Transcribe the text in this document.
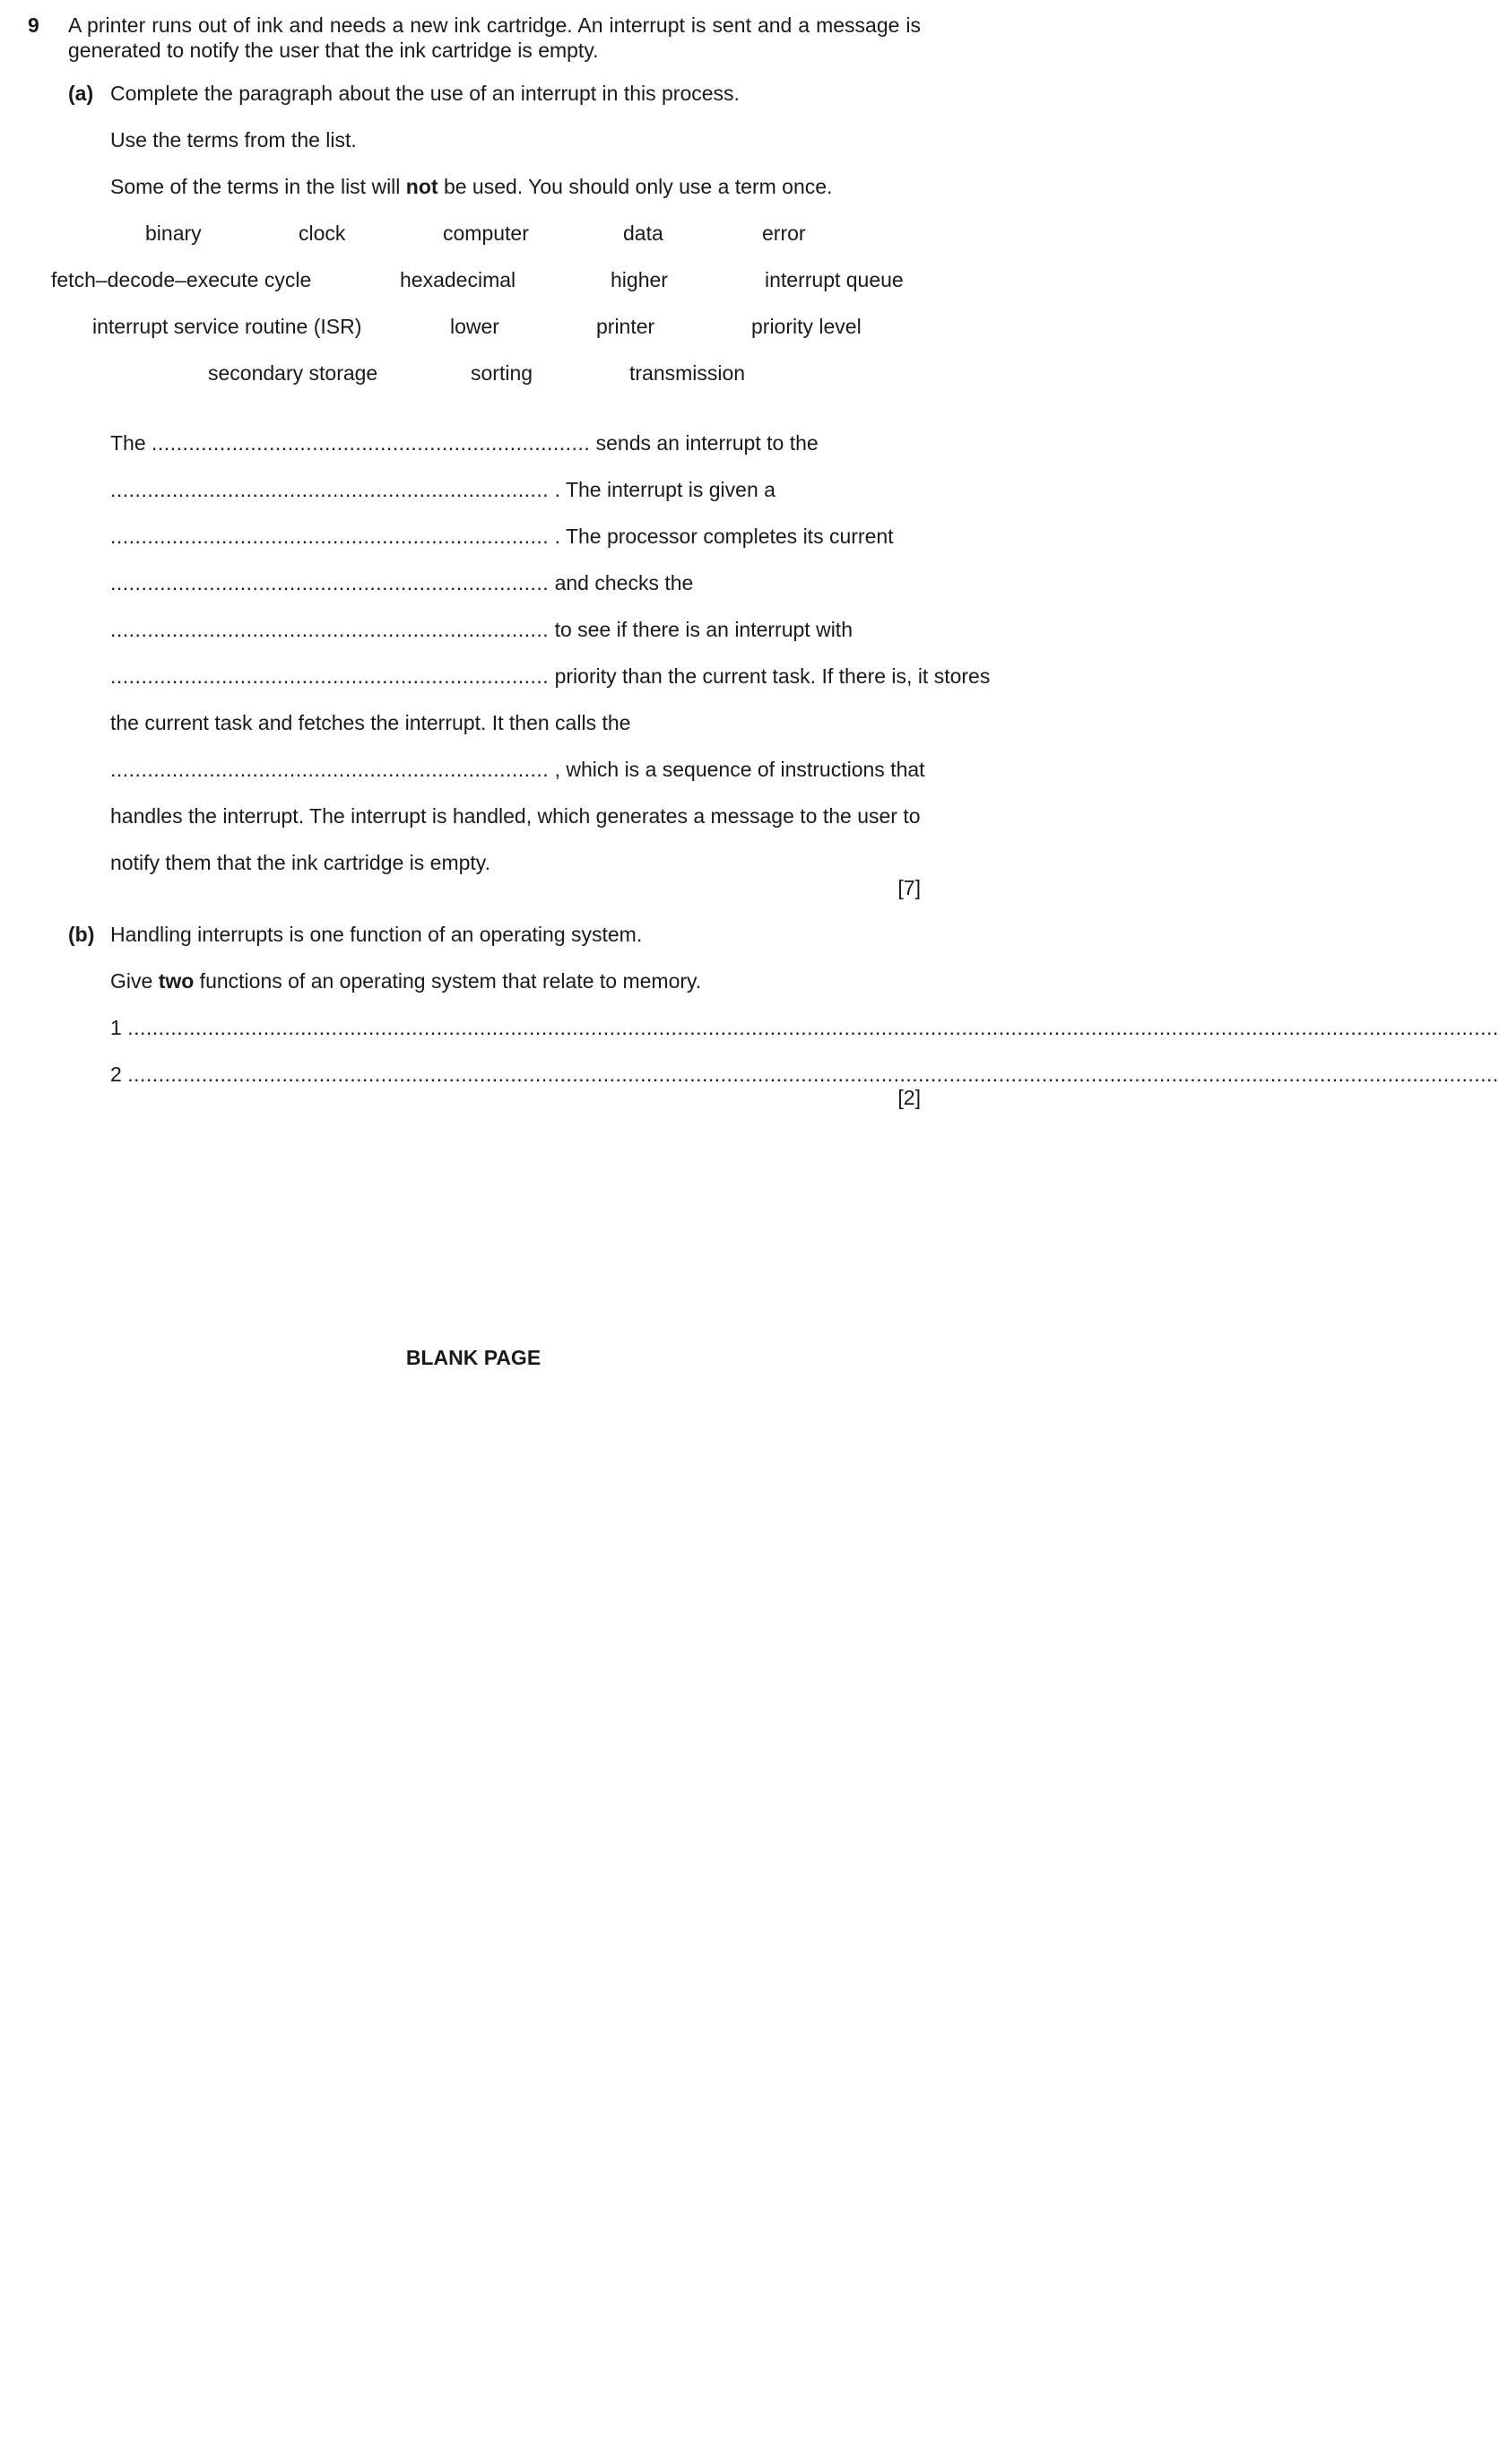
9 A printer runs out of ink and needs a new ink cartridge. An interrupt is sent and a message is generated to notify the user that the ink cartridge is empty.
(a) Complete the paragraph about the use of an interrupt in this process.
Use the terms from the list.
Some of the terms in the list will not be used. You should only use a term once.
binary	clock	computer	data	error
fetch–decode–execute cycle	hexadecimal	higher	interrupt queue
interrupt service routine (ISR)	lower	printer	priority level
secondary storage	sorting	transmission
The ....................................................................... sends an interrupt to the
....................................................................... . The interrupt is given a
....................................................................... . The processor completes its current
....................................................................... and checks the
....................................................................... to see if there is an interrupt with
....................................................................... priority than the current task. If there is, it stores
the current task and fetches the interrupt. It then calls the
....................................................................... , which is a sequence of instructions that
handles the interrupt. The interrupt is handled, which generates a message to the user to
notify them that the ink cartridge is empty.
[7]
(b) Handling interrupts is one function of an operating system.
Give two functions of an operating system that relate to memory.
1 ..............................................................................................................................................................................................................................
2 ..............................................................................................................................................................................................................................
[2]
BLANK PAGE
